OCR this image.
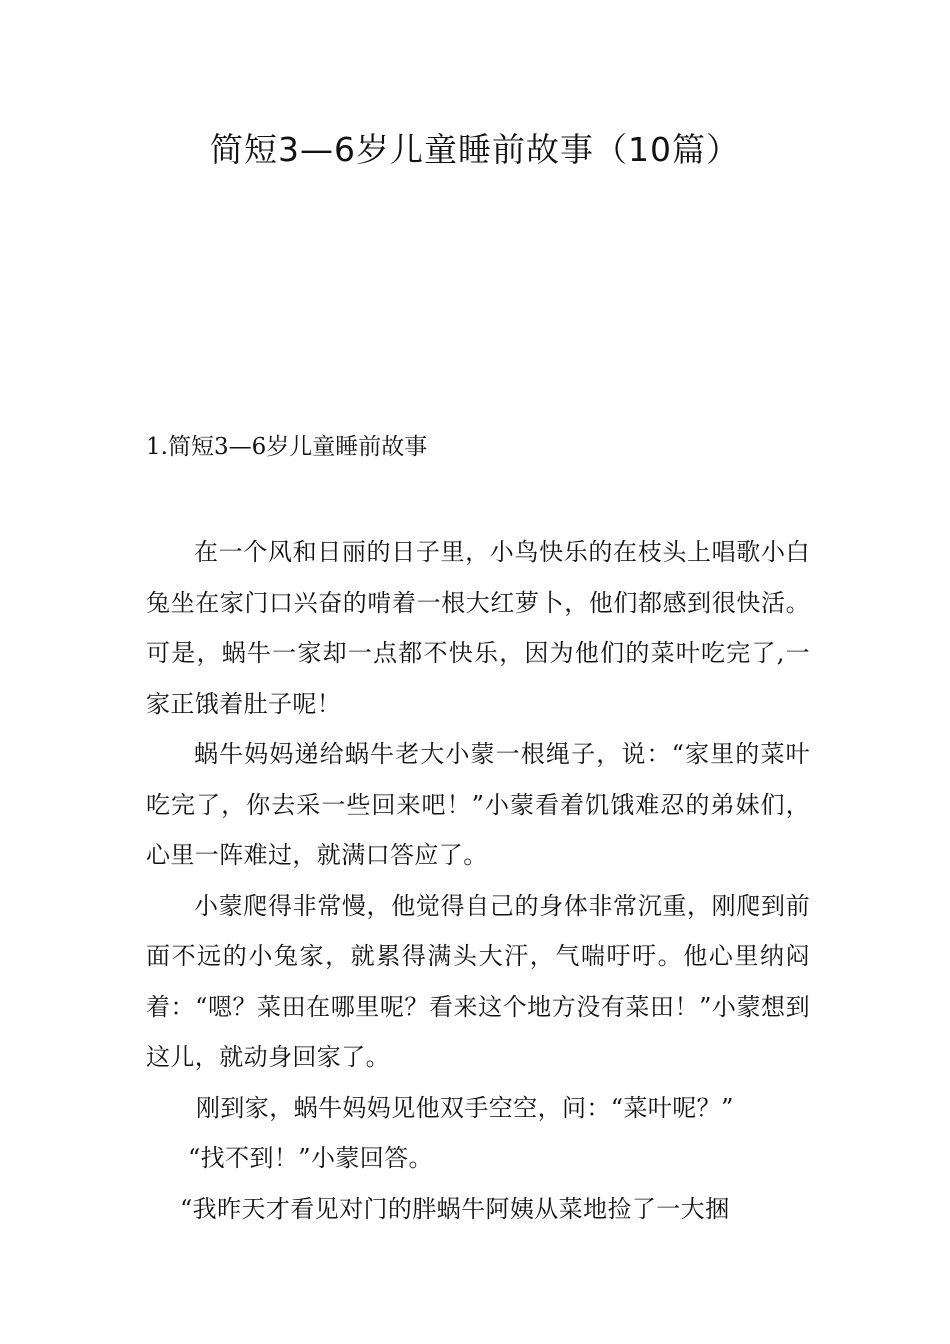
简短3—6岁儿童睡前故事（10篇）
1.简短3—6岁儿童睡前故事

在一个风和日丽的日子里，小鸟快乐的在枝头上唱歌小白兔坐在家门口兴奋的啃着一根大红萝卜，他们都感到很快活。可是，蜗牛一家却一点都不快乐，因为他们的菜叶吃完了,一家正饿着肚子呢！

蜗牛妈妈递给蜗牛老大小蒙一根绳子，说：“家里的菜叶吃完了，你去采一些回来吧！”小蒙看着饥饿难忍的弟妹们，心里一阵难过，就满口答应了。

小蒙爬得非常慢，他觉得自己的身体非常沉重，刚爬到前面不远的小兔家，就累得满头大汗，气喘吁吁。他心里纳闷着：“嗯？菜田在哪里呢？看来这个地方没有菜田！”小蒙想到这儿，就动身回家了。

刚到家，蜗牛妈妈见他双手空空，问：“菜叶呢？”

“找不到！”小蒙回答。

“我昨天才看见对门的胖蜗牛阿姨从菜地捡了一大捆
